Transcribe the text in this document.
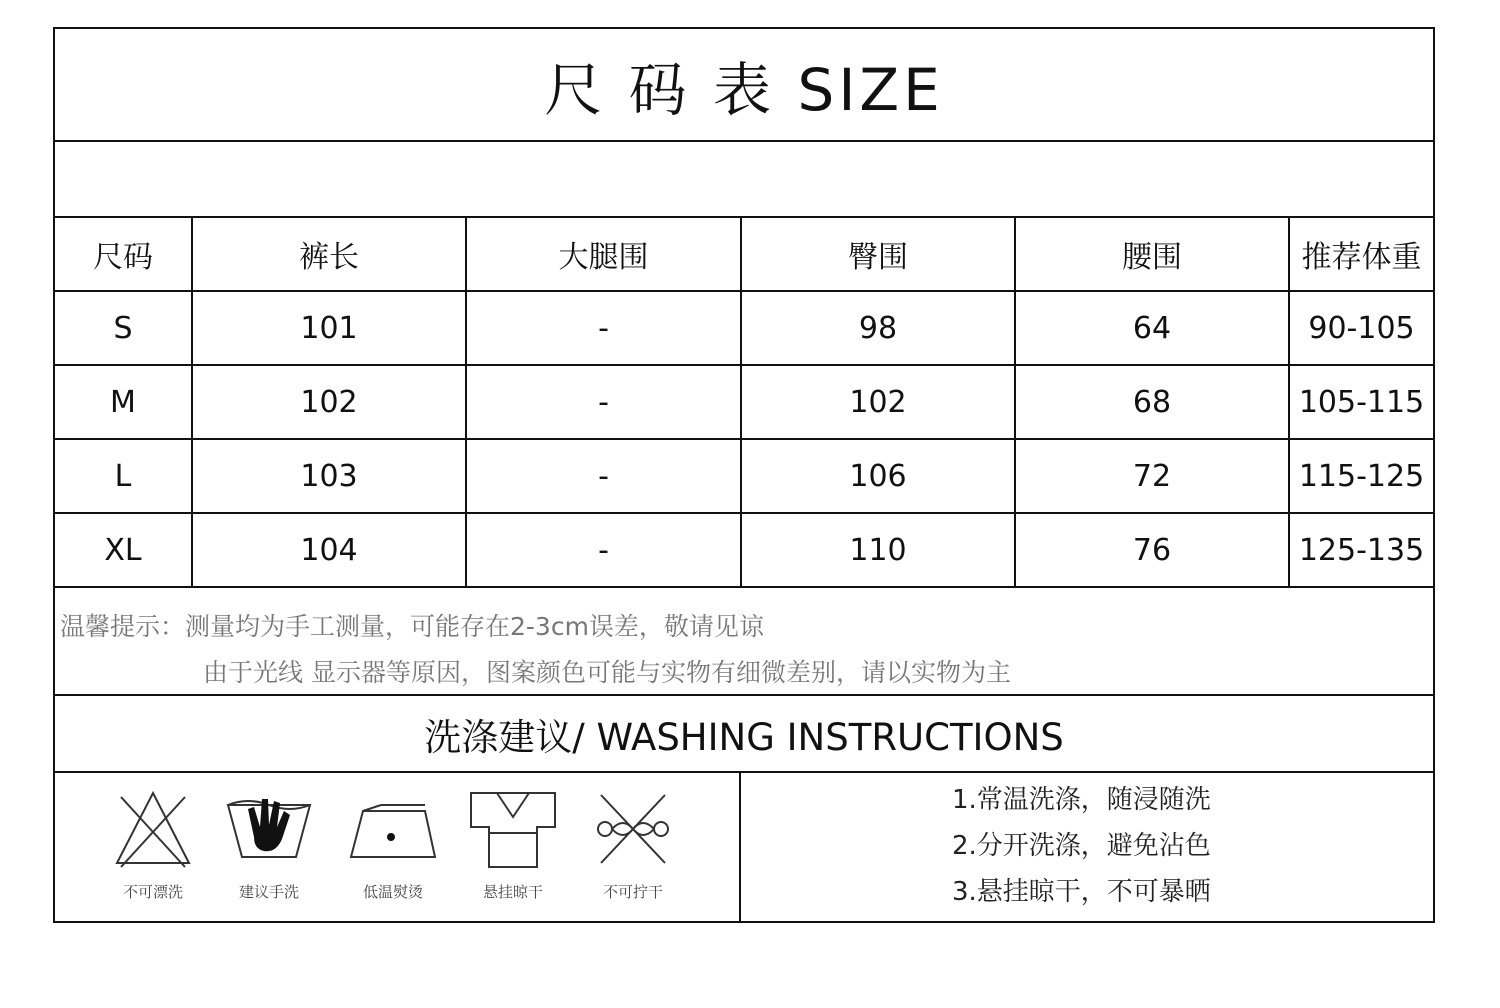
尺 码 表 SIZE
尺码	裤长	大腿围	臀围	腰围	推荐体重
S	101	-	98	64	90-105
M	102	-	102	68	105-115
L	103	-	106	72	115-125
XL	104	-	110	76	125-135
温馨提示：测量均为手工测量，可能存在2-3cm误差，敬请见谅
由于光线 显示器等原因，图案颜色可能与实物有细微差别，请以实物为主
洗涤建议/ WASHING INSTRUCTIONS
不可漂洗	建议手洗	低温熨烫	悬挂晾干	不可拧干
1.常温洗涤，随浸随洗
2.分开洗涤，避免沾色
3.悬挂晾干，不可暴晒
